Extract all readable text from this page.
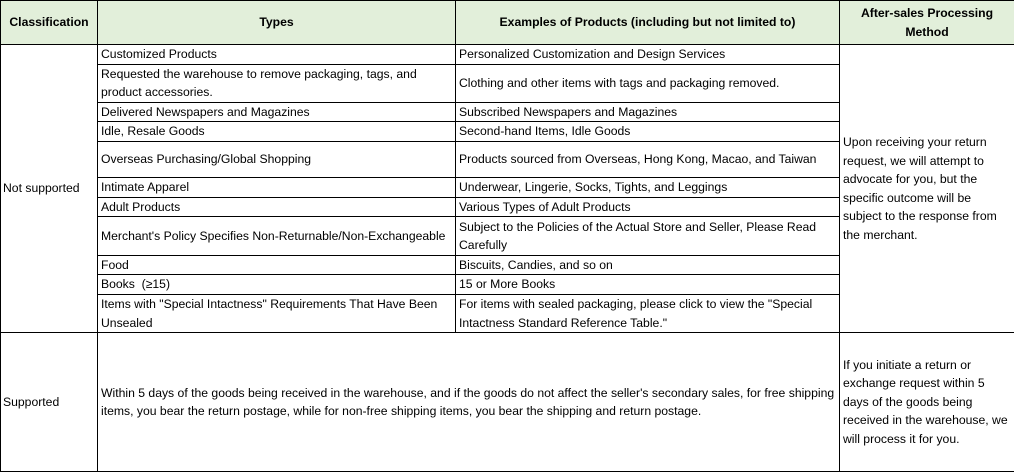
Classification	Types	Examples of Products (including but not limited to)	After-sales Processing Method
Not supported	Customized Products	Personalized Customization and Design Services	Upon receiving your return request, we will attempt to advocate for you, but the specific outcome will be subject to the response from the merchant.
	Requested the warehouse to remove packaging, tags, and product accessories.	Clothing and other items with tags and packaging removed.	
	Delivered Newspapers and Magazines	Subscribed Newspapers and Magazines	
	Idle, Resale Goods	Second-hand Items, Idle Goods	
	Overseas Purchasing/Global Shopping	Products sourced from Overseas, Hong Kong, Macao, and Taiwan	
	Intimate Apparel	Underwear, Lingerie, Socks, Tights, and Leggings	
	Adult Products	Various Types of Adult Products	
	Merchant's Policy Specifies Non-Returnable/Non-Exchangeable	Subject to the Policies of the Actual Store and Seller, Please Read Carefully	
	Food	Biscuits, Candies, and so on	
	Books  (≥15)	15 or More Books	
	Items with "Special Intactness" Requirements That Have Been Unsealed	For items with sealed packaging, please click to view the "Special Intactness Standard Reference Table."	
Supported	Within 5 days of the goods being received in the warehouse, and if the goods do not affect the seller's secondary sales, for free shipping items, you bear the return postage, while for non-free shipping items, you bear the shipping and return postage.		If you initiate a return or exchange request within 5 days of the goods being received in the warehouse, we will process it for you.
